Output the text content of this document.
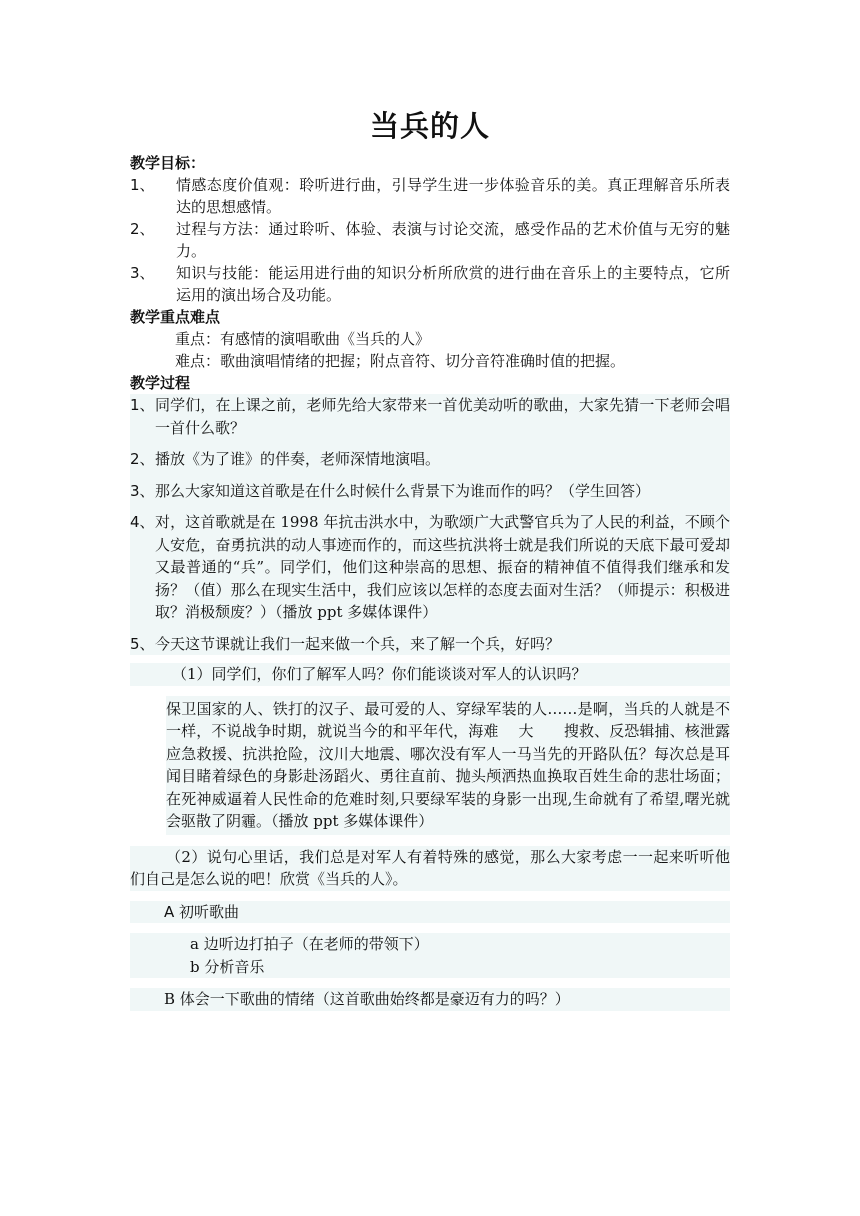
当兵的人
教学目标：
1、	情感态度价值观：聆听进行曲，引导学生进一步体验音乐的美。真正理解音乐所表达的思想感情。
2、	过程与方法：通过聆听、体验、表演与讨论交流，感受作品的艺术价值与无穷的魅力。
3、	知识与技能：能运用进行曲的知识分析所欣赏的进行曲在音乐上的主要特点，它所运用的演出场合及功能。
教学重点难点
重点：有感情的演唱歌曲《当兵的人》
难点：歌曲演唱情绪的把握；附点音符、切分音符准确时值的把握。
教学过程
1、 同学们，在上课之前，老师先给大家带来一首优美动听的歌曲，大家先猜一下老师会唱一首什么歌？
2、 播放《为了谁》的伴奏，老师深情地演唱。
3、 那么大家知道这首歌是在什么时候什么背景下为谁而作的吗？（学生回答）
4、 对，这首歌就是在 1998 年抗击洪水中，为歌颂广大武警官兵为了人民的利益，不顾个人安危，奋勇抗洪的动人事迹而作的，而这些抗洪将士就是我们所说的天底下最可爱却又最普通的“兵”。同学们，他们这种崇高的思想、振奋的精神值不值得我们继承和发扬？（值）那么在现实生活中，我们应该以怎样的态度去面对生活？（师提示：积极进取？消极颓废？）（播放 ppt 多媒体课件）
5、 今天这节课就让我们一起来做一个兵，来了解一个兵，好吗？
（1）同学们，你们了解军人吗？你们能谈谈对军人的认识吗？
保卫国家的人、铁打的汉子、最可爱的人、穿绿军装的人……是啊，当兵的人就是不一样，不说战争时期，就说当今的和平年代，海难　 大　　搜救、反恐辑捕、核泄露应急救援、抗洪抢险，汶川大地震、哪次没有军人一马当先的开路队伍？每次总是耳闻目睹着绿色的身影赴汤蹈火、勇往直前、抛头颅洒热血换取百姓生命的悲壮场面；在死神威逼着人民性命的危难时刻,只要绿军装的身影一出现,生命就有了希望,曙光就会驱散了阴霾。（播放 ppt 多媒体课件）
（2）说句心里话，我们总是对军人有着特殊的感觉，那么大家考虑一一起来听听他们自己是怎么说的吧！欣赏《当兵的人》。
A 初听歌曲
a 边听边打拍子（在老师的带领下）
b 分析音乐
B 体会一下歌曲的情绪（这首歌曲始终都是豪迈有力的吗？）
